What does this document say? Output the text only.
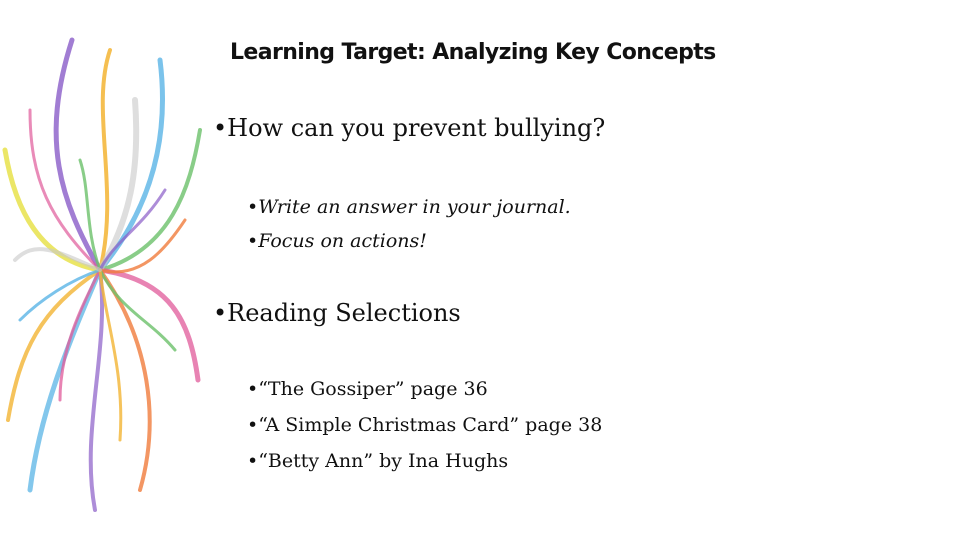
Learning Target: Analyzing Key Concepts
•How can you prevent bullying?
•Write an answer in your journal.
•Focus on actions!
•Reading Selections
•“The Gossiper” page 36
•“A Simple Christmas Card” page 38
•“Betty Ann” by Ina Hughs
